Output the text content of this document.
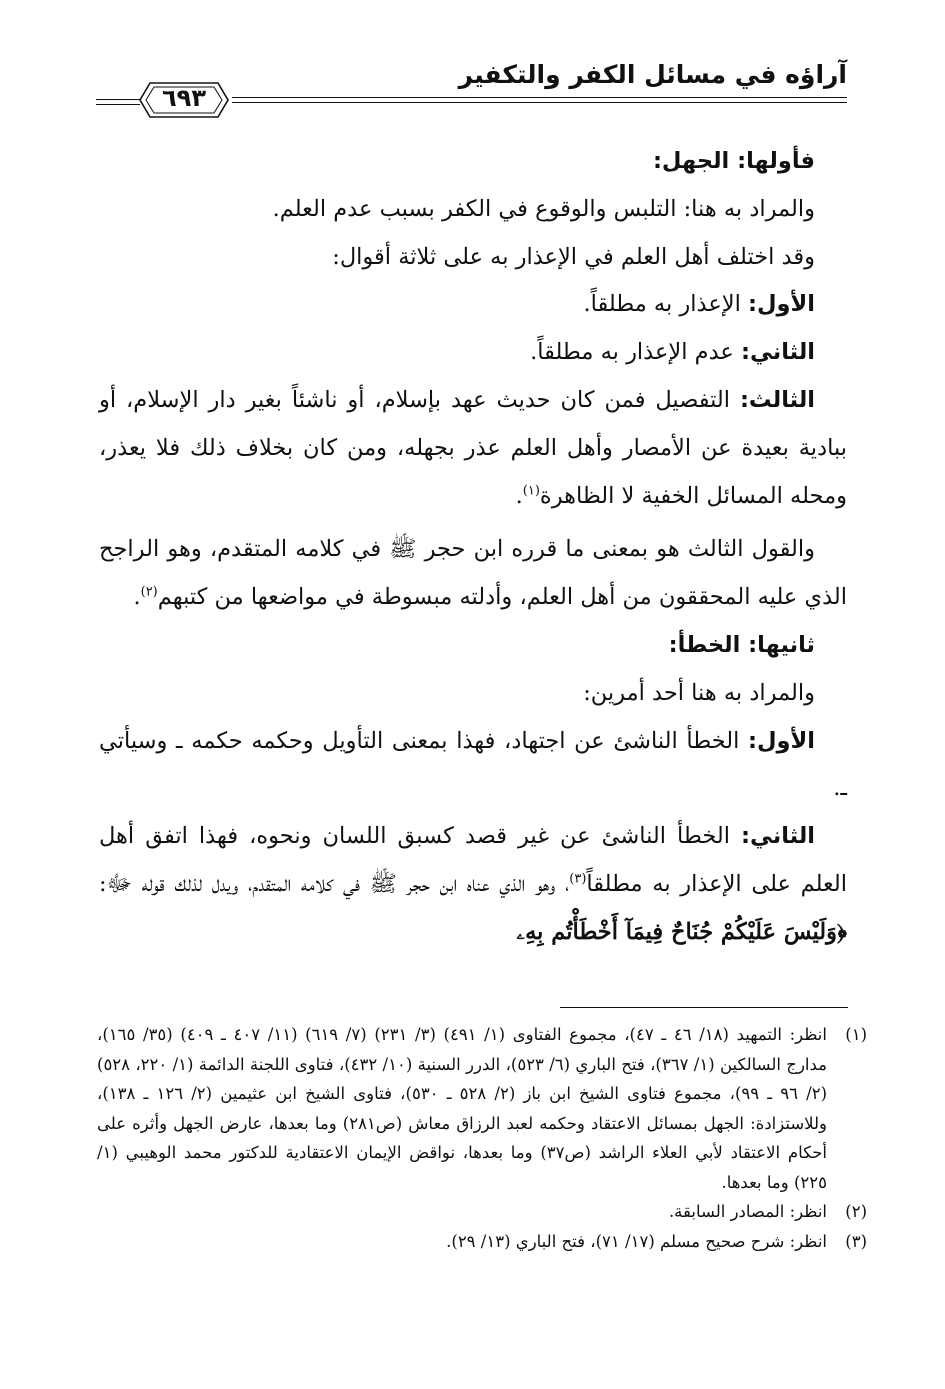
آراؤه في مسائل الكفر والتكفير
٦٩٣

فأولها: الجهل:

والمراد به هنا: التلبس والوقوع في الكفر بسبب عدم العلم.

وقد اختلف أهل العلم في الإعذار به على ثلاثة أقوال:

الأول: الإعذار به مطلقاً.

الثاني: عدم الإعذار به مطلقاً.

الثالث: التفصيل فمن كان حديث عهد بإسلام، أو ناشئاً بغير دار الإسلام، أو ببادية بعيدة عن الأمصار وأهل العلم عذر بجهله، ومن كان بخلاف ذلك فلا يعذر، ومحله المسائل الخفية لا الظاهرة$^{(١)}$.

والقول الثالث هو بمعنى ما قرره ابن حجر ﷺ في كلامه المتقدم، وهو الراجح الذي عليه المحققون من أهل العلم، وأدلته مبسوطة في مواضعها من كتبهم$^{(٢)}$.

ثانيها: الخطأ:

والمراد به هنا أحد أمرين:

الأول: الخطأ الناشئ عن اجتهاد، فهذا بمعنى التأويل وحكمه حكمه ـ وسيأتي ـ.

الثاني: الخطأ الناشئ عن غير قصد كسبق اللسان ونحوه، فهذا اتفق أهل العلم على الإعذار به مطلقاً$^{(٣)}$، وهو الذي عناه ابن حجر ﷺ في كلامه المتقدم، ويدل لذلك قوله ﷻ: ﴿وَلَيْسَ عَلَيْكُمْ جُنَاحٌ فِيمَآ أَخْطَأْتُم بِهِۦ

(١)
انظر: التمهيد (١٨/ ٤٦ ـ ٤٧)، مجموع الفتاوى (١/ ٤٩١) (٣/ ٢٣١) (٧/ ٦١٩) (١١/ ٤٠٧ ـ ٤٠٩) (٣٥/ ١٦٥)، مدارج السالكين (١/ ٣٦٧)، فتح الباري (٦/ ٥٢٣)، الدرر السنية (١٠/ ٤٣٢)، فتاوى اللجنة الدائمة (١/ ٢٢٠، ٥٢٨) (٢/ ٩٦ ـ ٩٩)، مجموع فتاوى الشيخ ابن باز (٢/ ٥٢٨ ـ ٥٣٠)، فتاوى الشيخ ابن عثيمين (٢/ ١٢٦ ـ ١٣٨)، وللاستزادة: الجهل بمسائل الاعتقاد وحكمه لعبد الرزاق معاش (ص٢٨١) وما بعدها، عارض الجهل وأثره على أحكام الاعتقاد لأبي العلاء الراشد (ص٣٧) وما بعدها، نواقض الإيمان الاعتقادية للدكتور محمد الوهيبي (١/ ٢٢٥) وما بعدها.
(٢)
انظر: المصادر السابقة.
(٣)
انظر: شرح صحيح مسلم (١٧/ ٧١)، فتح الباري (١٣/ ٢٩).
